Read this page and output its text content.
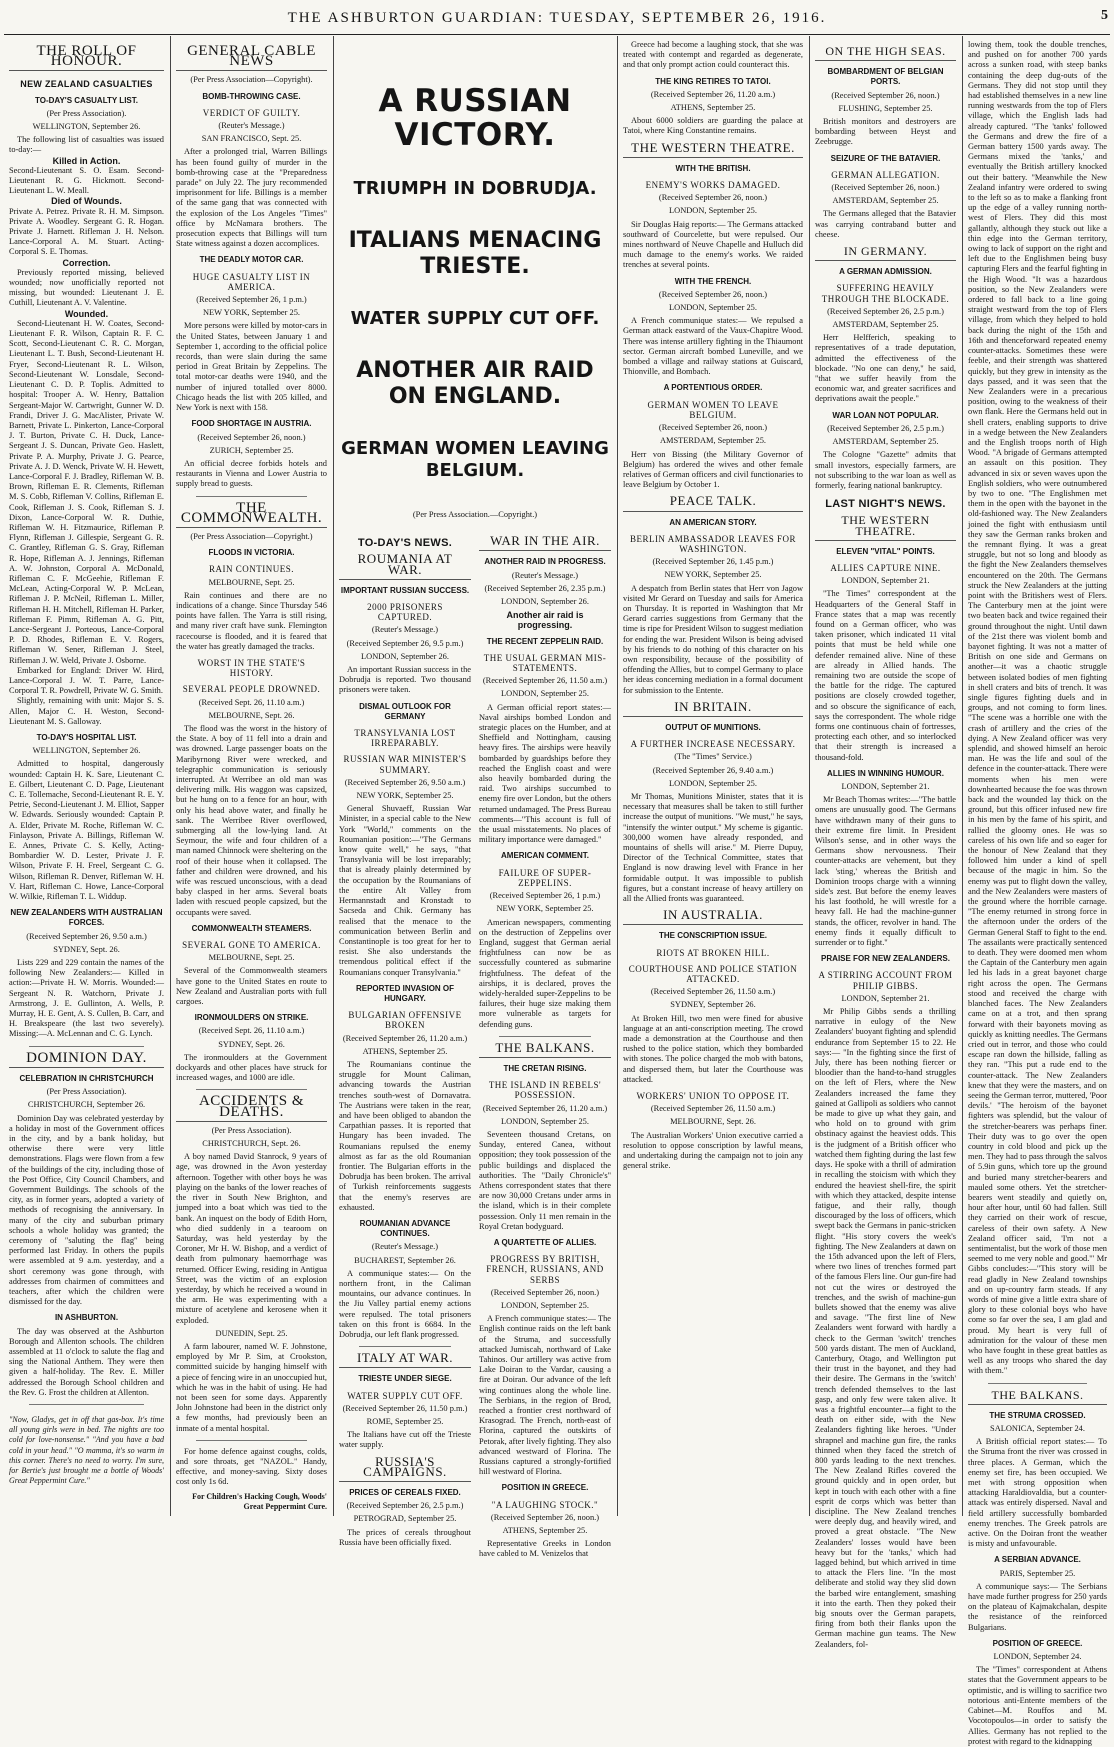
THE ASHBURTON GUARDIAN: TUESDAY, SEPTEMBER 26, 1916.	5
THE ROLL OF HONOUR.
NEW ZEALAND CASUALTIES
TO-DAY'S CASUALTY LIST.
(Per Press Association).
WELLINGTON, September 26.

The following list of casualties was issued to-day:—

Killed in Action.

Second-Lieutenant S. O. Esam. Second-Lieutenant R. G. Hickmott. Second-Lieutenant L. W. Meall.

Died of Wounds.

Private A. Petrez. Private R. H. M. Simpson. Private A. Woodley. Sergeant G. R. Hogan. Private J. Harnett. Rifleman J. H. Nelson. Lance-Corporal A. M. Stuart. Acting-Corporal S. E. Thomas.

Correction.

Previously reported missing, believed wounded; now unofficially reported not missing, but wounded: Lieutenant J. E. Cuthill, Lieutenant A. V. Valentine.

Wounded.

Second-Lieutenant H. W. Coates, Second-Lieutenant F. R. Wilson, Captain R. F. C. Scott, Second-Lieutenant C. R. C. Morgan, Lieutenant L. T. Bush, Second-Lieutenant H. Fryer, Second-Lieutenant R. L. Wilson, Second-Lieutenant W. Lonsdale, Second-Lieutenant C. D. P. Toplis. Admitted to hospital: Trooper A. W. Henry, Battalion Sergeant-Major W. Cartwright, Gunner W. D. Frandi, Driver J. G. MacAlister, Private W. Barnett, Private L. Pinkerton, Lance-Corporal J. T. Burton, Private C. H. Duck, Lance-Sergeant J. S. Duncan, Private Geo. Haslett, Private P. A. Murphy, Private J. G. Pearce, Private A. J. D. Wenck, Private W. H. Hewett, Lance-Corporal F. J. Bradley, Rifleman W. B. Brown, Rifleman E. R. Clements, Rifleman M. S. Cobb, Rifleman V. Collins, Rifleman E. Cook, Rifleman J. S. Cook, Rifleman S. J. Dixon, Lance-Corporal W. R. Duthie, Rifleman W. H. Fitzmaurice, Rifleman P. Flynn, Rifleman J. Gillespie, Sergeant G. R. C. Grantley, Rifleman G. S. Gray, Rifleman R. Hope, Rifleman A. J. Jennings, Rifleman A. W. Johnston, Corporal A. McDonald, Rifleman C. F. McGeehie, Rifleman F. McLean, Acting-Corporal W. P. McLean, Rifleman J. P. McNeil, Rifleman L. Miller, Rifleman H. H. Mitchell, Rifleman H. Parker, Rifleman F. Pimm, Rifleman A. G. Pitt, Lance-Sergeant J. Porteous, Lance-Corporal P. D. Rhodes, Rifleman E. V. Rogers, Rifleman W. Sener, Rifleman J. Steel, Rifleman J. W. Weld, Private J. Osborne.

Embarked for England: Driver W. Hird, Lance-Corporal J. W. T. Parre, Lance-Corporal T. R. Powdrell, Private W. G. Smith.

Slightly, remaining with unit: Major S. S. Allen, Major C. H. Weston, Second-Lieutenant M. S. Galloway.

TO-DAY'S HOSPITAL LIST.
WELLINGTON, September 26.

Admitted to hospital, dangerously wounded: Captain H. K. Sare, Lieutenant C. E. Gilbert, Lieutenant C. D. Page, Lieutenant C. E. Tollemache, Second-Lieutenant R. E. Y. Petrie, Second-Lieutenant J. M. Elliot, Sapper W. Edwards. Seriously wounded: Captain P. A. Elder, Private M. Roche, Rifleman W. C. Finlayson, Private A. Billings, Rifleman W. E. Annes, Private C. S. Kelly, Acting-Bombardier W. D. Lester, Private J. F. Wilson, Private F. H. Freel, Sergeant C. G. Wilson, Rifleman R. Denver, Rifleman W. H. V. Hart, Rifleman C. Howe, Lance-Corporal W. Wilkie, Rifleman T. L. Widdup.

NEW ZEALANDERS WITH AUSTRALIAN FORCES.
(Received September 26, 9.50 a.m.)
SYDNEY, Sept. 26.

Lists 229 and 229 contain the names of the following New Zealanders:— Killed in action:—Private H. W. Morris. Wounded:—Sergeant N. R. Watchorn, Private J. Armstrong, J. E. Gullinton, A. Wells, P. Murray, H. E. Gent, A. S. Cullen, B. Carr, and H. Breakspeare (the last two severely). Missing:—A. McLennan and C. G. Lynch.

DOMINION DAY.
CELEBRATION IN CHRISTCHURCH
(Per Press Association).
CHRISTCHURCH, September 26.

Dominion Day was celebrated yesterday by a holiday in most of the Government offices in the city, and by a bank holiday, but otherwise there were very little demonstrations. Flags were flown from a few of the buildings of the city, including those of the Post Office, City Council Chambers, and Government Buildings. The schools of the city, as in former years, adopted a variety of methods of recognising the anniversary. In many of the city and suburban primary schools a whole holiday was granted; the ceremony of "saluting the flag" being performed last Friday. In others the pupils were assembled at 9 a.m. yesterday, and a short ceremony was gone through, with addresses from chairmen of committees and teachers, after which the children were dismissed for the day.

IN ASHBURTON.

The day was observed at the Ashburton Borough and Allenton schools. The children assembled at 11 o'clock to salute the flag and sing the National Anthem. They were then given a half-holiday. The Rev. E. Miller addressed the Borough School children and the Rev. G. Frost the children at Allenton.

"Now, Gladys, get in off that gas-box. It's time all young girls were in bed. The nights are too cold for love-nonsense." "And you have a bad cold in your head." "O mamma, it's so warm in this corner. There's no need to worry. I'm sure, for Bertie's just brought me a bottle of Woods' Great Peppermint Cure."

GENERAL CABLE NEWS
(Per Press Association—Copyright).
BOMB-THROWING CASE.
VERDICT OF GUILTY.
(Reuter's Message.)
SAN FRANCISCO, Sept. 25.

After a prolonged trial, Warren Billings has been found guilty of murder in the bomb-throwing case at the "Preparedness parade" on July 22. The jury recommended imprisonment for life. Billings is a member of the same gang that was connected with the explosion of the Los Angeles "Times" office by McNamara brothers. The prosecution expects that Billings will turn State witness against a dozen accomplices.

THE DEADLY MOTOR CAR.
HUGE CASUALTY LIST IN AMERICA.
(Received September 26, 1 p.m.)
NEW YORK, September 25.

More persons were killed by motor-cars in the United States, between January 1 and September 1, according to the official police records, than were slain during the same period in Great Britain by Zeppelins. The total motor-car deaths were 1940, and the number of injured totalled over 8000. Chicago heads the list with 205 killed, and New York is next with 158.

FOOD SHORTAGE IN AUSTRIA.
(Received September 26, noon.)
ZURICH, September 25.

An official decree forbids hotels and restaurants in Vienna and Lower Austria to supply bread to guests.

THE COMMONWEALTH.
(Per Press Association—Copyright.)
FLOODS IN VICTORIA.
RAIN CONTINUES.
MELBOURNE, Sept. 25.

Rain continues and there are no indications of a change. Since Thursday 546 points have fallen. The Yarra is still rising, and many river craft have sunk. Flemington racecourse is flooded, and it is feared that the water has greatly damaged the tracks.

WORST IN THE STATE'S HISTORY.
SEVERAL PEOPLE DROWNED.
(Received Sept. 26, 11.10 a.m.)
MELBOURNE, Sept. 26.

The flood was the worst in the history of the State. A boy of 11 fell into a drain and was drowned. Large passenger boats on the Maribyrnong River were wrecked, and telegraphic communication is seriously interrupted. At Werribee an old man was delivering milk. His waggon was capsized, but he hung on to a fence for an hour, with only his head above water, and finally he sank. The Werribee River overflowed, submerging all the low-lying land. At Seymour, the wife and four children of a man named Chinnock were sheltering on the roof of their house when it collapsed. The father and children were drowned, and his wife was rescued unconscious, with a dead baby clasped in her arms. Several boats laden with rescued people capsized, but the occupants were saved.

COMMONWEALTH STEAMERS.
SEVERAL GONE TO AMERICA.
MELBOURNE, Sept. 25.

Several of the Commonwealth steamers have gone to the United States en route to New Zealand and Australian ports with full cargoes.

IRONMOULDERS ON STRIKE.
(Received Sept. 26, 11.10 a.m.)
SYDNEY, Sept. 26.

The ironmoulders at the Government dockyards and other places have struck for increased wages, and 1000 are idle.

ACCIDENTS & DEATHS.
(Per Press Association).
CHRISTCHURCH, Sept. 26.

A boy named David Stanrock, 9 years of age, was drowned in the Avon yesterday afternoon. Together with other boys he was playing on the banks of the lower reaches of the river in South New Brighton, and jumped into a boat which was tied to the bank. An inquest on the body of Edith Horn, who died suddenly in a tearoom on Saturday, was held yesterday by the Coroner, Mr H. W. Bishop, and a verdict of death from pulmonary haemorrhage was returned. Officer Ewing, residing in Antigua Street, was the victim of an explosion yesterday, by which he received a wound in the arm. He was experimenting with a mixture of acetylene and kerosene when it exploded.

DUNEDIN, Sept. 25.

A farm labourer, named W. F. Johnstone, employed by Mr P. Sim, at Crookston, committed suicide by hanging himself with a piece of fencing wire in an unoccupied hut, which he was in the habit of using. He had not been seen for some days. Apparently John Johnstone had been in the district only a few months, had previously been an inmate of a mental hospital.

For home defence against coughs, colds, and sore throats, get "NAZOL." Handy, effective, and money-saving. Sixty doses cost only 1s 6d.

For Children's Hacking Cough, Woods' Great Peppermint Cure.

A RUSSIAN VICTORY.
TRIUMPH IN DOBRUDJA.
ITALIANS MENACING TRIESTE.
WATER SUPPLY CUT OFF.
ANOTHER AIR RAID ON ENGLAND.
GERMAN WOMEN LEAVING BELGIUM.
(Per Press Association.—Copyright.)
TO-DAY'S NEWS.
ROUMANIA AT WAR.
IMPORTANT RUSSIAN SUCCESS.
2000 PRISONERS CAPTURED.
(Reuter's Message.)
(Received September 26, 9.5 p.m.)
LONDON, September 26.

An important Russian success in the Dobrudja is reported. Two thousand prisoners were taken.

DISMAL OUTLOOK FOR GERMANY
TRANSYLVANIA LOST IRREPARABLY.
RUSSIAN WAR MINISTER'S SUMMARY.
(Received September 26, 9.50 a.m.)
NEW YORK, September 25.

General Shuvaeff, Russian War Minister, in a special cable to the New York "World," comments on the Roumanian position:—"The Germans know quite well," he says, "that Transylvania will be lost irreparably; that is already plainly determined by the occupation by the Roumanians of the entire Alt Valley from Hermannstadt and Kronstadt to Sacseda and Chik. Germany has realised that the menace to the communication between Berlin and Constantinople is too great for her to resist. She also understands the tremendous political effect if the Roumanians conquer Transylvania."

REPORTED INVASION OF HUNGARY.
BULGARIAN OFFENSIVE BROKEN
(Received September 26, 11.20 a.m.)
ATHENS, September 25.

The Roumanians continue the struggle for Mount Caliman, advancing towards the Austrian trenches south-west of Dornavatra. The Austrians were taken in the rear, and have been obliged to abandon the Carpathian passes. It is reported that Hungary has been invaded. The Roumanians repulsed the enemy almost as far as the old Roumanian frontier. The Bulgarian efforts in the Dobrudja has been broken. The arrival of Turkish reinforcements suggests that the enemy's reserves are exhausted.

ROUMANIAN ADVANCE CONTINUES.
(Reuter's Message.)
BUCHAREST, September 26.

A communique states:— On the northern front, in the Caliman mountains, our advance continues. In the Jiu Valley partial enemy actions were repulsed. The total prisoners taken on this front is 6684. In the Dobrudja, our left flank progressed.

ITALY AT WAR.
TRIESTE UNDER SIEGE.
WATER SUPPLY CUT OFF.
(Received September 26, 11.50 p.m.)
ROME, September 25.

The Italians have cut off the Trieste water supply.

RUSSIA'S CAMPAIGNS.
PRICES OF CEREALS FIXED.
(Received September 26, 2.5 p.m.)
PETROGRAD, September 25.

The prices of cereals throughout Russia have been officially fixed.

WAR IN THE AIR.
ANOTHER RAID IN PROGRESS.
(Reuter's Message.)
(Received September 26, 2.35 p.m.)
LONDON, September 26.

Another air raid is progressing.

THE RECENT ZEPPELIN RAID.
THE USUAL GERMAN MIS-STATEMENTS.
(Received September 26, 11.50 a.m.)
LONDON, September 25.

A German official report states:— Naval airships bombed London and strategic places on the Humber, and at Sheffield and Nottingham, causing heavy fires. The airships were heavily bombarded by guardships before they reached the English coast and were also heavily bombarded during the raid. Two airships succumbed to enemy fire over London, but the others returned undamaged. The Press Bureau comments—"This account is full of the usual misstatements. No places of military importance were damaged."

AMERICAN COMMENT.
FAILURE OF SUPER-ZEPPELINS.
(Received September 26, 1 p.m.)
NEW YORK, September 25.

American newspapers, commenting on the destruction of Zeppelins over England, suggest that German aerial frightfulness can now be as successfully countered as submarine frightfulness. The defeat of the airships, it is declared, proves the widely-heralded super-Zeppelins to be failures, their huge size making them more vulnerable as targets for defending guns.

THE BALKANS.
THE CRETAN RISING.
THE ISLAND IN REBELS' POSSESSION.
(Received September 26, 11.20 a.m.)
LONDON, September 25.

Seventeen thousand Cretans, on Sunday, entered Canea, without opposition; they took possession of the public buildings and displaced the authorities. The "Daily Chronicle's" Athens correspondent states that there are now 30,000 Cretans under arms in the island, which is in their complete possession. Only 11 men remain in the Royal Cretan bodyguard.

A QUARTETTE OF ALLIES.
PROGRESS BY BRITISH, FRENCH, RUSSIANS, AND SERBS
(Received September 26, noon.)
LONDON, September 25.

A French communique states:— The English continue raids on the left bank of the Struma, and successfully attacked Jumiscah, northward of Lake Tahinos. Our artillery was active from Lake Doiran to the Vardar, causing a fire at Doiran. Our advance of the left wing continues along the whole line. The Serbians, in the region of Brod, reached a frontier crest northward of Krasograd. The French, north-east of Florina, captured the outskirts of Petorak, after lively fighting. They also advanced westward of Florina. The Russians captured a strongly-fortified hill westward of Florina.

POSITION IN GREECE.
"A LAUGHING STOCK."
(Received September 26, noon.)
ATHENS, September 25.

Representative Greeks in London have cabled to M. Venizelos that

Greece had become a laughing stock, that she was treated with contempt and regarded as degenerate, and that only prompt action could counteract this.

THE KING RETIRES TO TATOI.
(Received September 26, 11.20 a.m.)
ATHENS, September 25.

About 6000 soldiers are guarding the palace at Tatoi, where King Constantine remains.

THE WESTERN THEATRE.
WITH THE BRITISH.
ENEMY'S WORKS DAMAGED.
(Received September 26, noon.)
LONDON, September 25.

Sir Douglas Haig reports:— The Germans attacked southward of Courcelette, but were repulsed. Our mines northward of Neuve Chapelle and Hulluch did much damage to the enemy's works. We raided trenches at several points.

WITH THE FRENCH.
(Received September 26, noon.)
LONDON, September 25.

A French communique states:— We repulsed a German attack eastward of the Vaux-Chapitre Wood. There was intense artillery fighting in the Thiaumont sector. German aircraft bombed Luneville, and we bombed a village and railway stations at Guiscard, Thionville, and Bombach.

A PORTENTIOUS ORDER.
GERMAN WOMEN TO LEAVE BELGIUM.
(Received September 26, noon.)
AMSTERDAM, September 25.

Herr von Bissing (the Military Governor of Belgium) has ordered the wives and other female relatives of German officers and civil functionaries to leave Belgium by October 1.

PEACE TALK.
AN AMERICAN STORY.
BERLIN AMBASSADOR LEAVES FOR WASHINGTON.
(Received September 26, 1.45 p.m.)
NEW YORK, September 25.

A despatch from Berlin states that Herr von Jagow visited Mr Gerard on Tuesday and sails for America on Thursday. It is reported in Washington that Mr Gerard carries suggestions from Germany that the time is ripe for President Wilson to suggest mediation for ending the war. President Wilson is being advised by his friends to do nothing of this character on his own responsibility, because of the possibility of offending the Allies, but to compel Germany to place her ideas concerning mediation in a formal document for submission to the Entente.

IN BRITAIN.
OUTPUT OF MUNITIONS.
A FURTHER INCREASE NECESSARY.
(The "Times" Service.)
(Received September 26, 9.40 a.m.)
LONDON, September 25.

Mr Thomas, Munitions Minister, states that it is necessary that measures shall be taken to still further increase the output of munitions. "We must," he says, "intensify the winter output." My scheme is gigantic. 300,000 women have already responded, and mountains of shells will arise." M. Pierre Dupuy, Director of the Technical Committee, states that England is now drawing level with France in her formidable output. It was impossible to publish figures, but a constant increase of heavy artillery on all the Allied fronts was guaranteed.

IN AUSTRALIA.
THE CONSCRIPTION ISSUE.
RIOTS AT BROKEN HILL.
COURTHOUSE AND POLICE STATION ATTACKED.
(Received September 26, 11.50 a.m.)
SYDNEY, September 26.

At Broken Hill, two men were fined for abusive language at an anti-conscription meeting. The crowd made a demonstration at the Courthouse and then rushed to the police station, which they bombarded with stones. The police charged the mob with batons, and dispersed them, but later the Courthouse was attacked.

WORKERS' UNION TO OPPOSE IT.
(Received September 26, 11.50 a.m.)
MELBOURNE, Sept. 26.

The Australian Workers' Union executive carried a resolution to oppose conscription by lawful means, and undertaking during the campaign not to join any general strike.

ON THE HIGH SEAS.
BOMBARDMENT OF BELGIAN PORTS.
(Received September 26, noon.)
FLUSHING, September 25.

British monitors and destroyers are bombarding between Heyst and Zeebrugge.

SEIZURE OF THE BATAVIER.
GERMAN ALLEGATION.
(Received September 26, noon.)
AMSTERDAM, September 25.

The Germans alleged that the Batavier was carrying contraband butter and cheese.

IN GERMANY.
A GERMAN ADMISSION.
SUFFERING HEAVILY THROUGH THE BLOCKADE.
(Received September 26, 2.5 p.m.)
AMSTERDAM, September 25.

Herr Helfferich, speaking to representatives of a trade deputation, admitted the effectiveness of the blockade. "No one can deny," he said, "that we suffer heavily from the economic war, and greater sacrifices and deprivations await the people."

WAR LOAN NOT POPULAR.
(Received September 26, 2.5 p.m.)
AMSTERDAM, September 25.

The Cologne "Gazette" admits that small investors, especially farmers, are not subscribing to the war loan as well as formerly, fearing national bankruptcy.

LAST NIGHT'S NEWS.
THE WESTERN THEATRE.
ELEVEN "VITAL" POINTS.
ALLIES CAPTURE NINE.
LONDON, September 21.

"The Times" correspondent at the Headquarters of the General Staff in France states that a map was recently found on a German officer, who was taken prisoner, which indicated 11 vital points that must be held while one defender remained alive. Nine of these are already in Allied hands. The remaining two are outside the scope of the battle for the ridge. The captured positions are closely crowded together, and so obscure the significance of each, says the correspondent. The whole ridge forms one continuous chain of fortresses, protecting each other, and so interlocked that their strength is increased a thousand-fold.

ALLIES IN WINNING HUMOUR.
LONDON, September 21.

Mr Beach Thomas writes:—"The battle omens are unusually good. The Germans have withdrawn many of their guns to their extreme fire limit. In President Wilson's sense, and in other ways the Germans show nervousness. Their counter-attacks are vehement, but they lack 'sting,' whereas the British and Dominion troops charge with a winning side's zest. But before the enemy leaves his last foothold, he will wrestle for a heavy fall. He had the machine-gunner stands, the officer, revolver in hand. The enemy finds it equally difficult to surrender or to fight."

PRAISE FOR NEW ZEALANDERS.
A STIRRING ACCOUNT FROM PHILIP GIBBS.
LONDON, September 21.

Mr Philip Gibbs sends a thrilling narrative in eulogy of the New Zealanders' buoyant fighting and splendid endurance from September 15 to 22. He says:— "In the fighting since the first of July, there has been nothing fiercer or bloodier than the hand-to-hand struggles on the left of Flers, where the New Zealanders increased the fame they gained at Gallipoli as soldiers who cannot be made to give up what they gain, and who hold on to ground with grim obstinacy against the heaviest odds. This is the judgment of a British officer who watched them fighting during the last few days. He spoke with a thrill of admiration in recalling the stoicism with which they endured the heaviest shell-fire, the spirit with which they attacked, despite intense fatigue, and their rally, though discouraged by the loss of officers, which swept back the Germans in panic-stricken flight. "His story covers the week's fighting. The New Zealanders at dawn on the 15th advanced upon the left of Flers, where two lines of trenches formed part of the famous Flers line. Our gun-fire had not cut the wires or destroyed the trenches, and the swish of machine-gun bullets showed that the enemy was alive and savage. "The first line of New Zealanders went forward with hardly a check to the German 'switch' trenches 500 yards distant. The men of Auckland, Canterbury, Otago, and Wellington put their trust in the bayonet, and they had their desire. The Germans in the 'switch' trench defended themselves to the last gasp, and only few were taken alive. It was a frightful encounter—a fight to the death on either side, with the New Zealanders fighting like heroes. "Under shrapnel and machine gun fire, the ranks thinned when they faced the stretch of 800 yards leading to the next trenches. The New Zealand Rifles covered the ground quickly and in open order, but kept in touch with each other with a fine esprit de corps which was better than discipline. The New Zealand trenches were deeply dug, and heavily wired, and proved a great obstacle. "The New Zealanders' losses would have been heavy but for the 'tanks,' which had lagged behind, but which arrived in time to attack the Flers line. "In the most deliberate and stolid way they slid down the barbed wire entanglement, smashing it into the earth. Then they poked their big snouts over the German parapets, firing from both their flanks upon the German machine gun teams. The New Zealanders, fol-

lowing them, took the double trenches, and pushed on for another 700 yards across a sunken road, with steep banks containing the deep dug-outs of the Germans. They did not stop until they had established themselves in a new line running westwards from the top of Flers village, which the English lads had already captured. "The 'tanks' followed the Germans and drew the fire of a German battery 1500 yards away. The Germans mixed the 'tanks,' and eventually the British artillery knocked out their battery. "Meanwhile the New Zealand infantry were ordered to swing to the left so as to make a flanking front up the edge of a valley running north-west of Flers. They did this most gallantly, although they stuck out like a thin edge into the German territory, owing to lack of support on the right and left due to the Englishmen being busy capturing Flers and the fearful fighting in the High Wood. "It was a hazardous position, so the New Zealanders were ordered to fall back to a line going straight westward from the top of Flers village, from which they helped to hold back during the night of the 15th and 16th and thenceforward repeated enemy counter-attacks. Sometimes these were feeble, and their strength was shattered quickly, but they grew in intensity as the days passed, and it was seen that the New Zealanders were in a precarious position, owing to the weakness of their own flank. Here the Germans held out in shell craters, enabling supports to drive in a wedge between the New Zealanders and the English troops north of High Wood. "A brigade of Germans attempted an assault on this position. They advanced in six or seven waves upon the English soldiers, who were outnumbered by two to one. "The Englishmen met them in the open with the bayonet in the old-fashioned way. The New Zealanders joined the fight with enthusiasm until they saw the German ranks broken and the remnant flying. It was a great struggle, but not so long and bloody as the fight the New Zealanders themselves encountered on the 20th. The Germans struck the New Zealanders at the jutting point with the Britishers west of Flers. The Canterbury men at the joint were two beaten back and twice regained their ground throughout the night. Until dawn of the 21st there was violent bomb and bayonet fighting. It was not a matter of British on one side and Germans on another—it was a chaotic struggle between isolated bodies of men fighting in shell craters and bits of trench. It was single figures fighting duels and in groups, and not coming to form lines. "The scene was a horrible one with the crash of artillery and the cries of the dying. A New Zealand officer was very splendid, and showed himself an heroic man. He was the life and soul of the defence in the counter-attack. There were moments when his men were downhearted because the foe was thrown back and the wounded lay thick on the ground, but this officer infused new fire in his men by the fame of his spirit, and rallied the gloomy ones. He was so careless of his own life and so eager for the honour of New Zealand that they followed him under a kind of spell because of the magic in him. So the enemy was put to flight down the valley, and the New Zealanders were masters of the ground where the horrible carnage. "The enemy returned in strong force in the afternoon under the orders of the German General Staff to fight to the end. The assailants were practically sentenced to death. They were doomed men whom the Captain of the Canterbury men again led his lads in a great bayonet charge right across the open. The Germans stood and received the charge with blanched faces. The New Zealanders came on at a trot, and then sprang forward with their bayonets moving as quickly as knitting needles. The Germans cried out in terror, and those who could escape ran down the hillside, falling as they ran. "This put a rude end to the counter-attack. The New Zealanders knew that they were the masters, and on seeing the German terror, muttered, 'Poor devils.' "The heroism of the bayonet fighters was splendid, but the valour of the stretcher-bearers was perhaps finer. Their duty was to go over the open country in cold blood and pick up the men. They had to pass through the salvos of 5.9in guns, which tore up the ground and buried many stretcher-bearers and mauled some others. Yet the stretcher-bearers went steadily and quietly on, hour after hour, until 60 had fallen. Still they carried on their work of rescue, careless of their own safety. A New Zealand officer said, 'I'm not a sentimentalist, but the work of those men seemed to me very noble and good.'" Mr Gibbs concludes:—"This story will be read gladly in New Zealand townships and on up-country farm steads. If any words of mine give a little extra share of glory to these colonial boys who have come so far over the sea, I am glad and proud. My heart is very full of admiration for the valour of these men who have fought in these great battles as well as any troops who shared the day with them."

THE BALKANS.
THE STRUMA CROSSED.
SALONICA, September 24.

A British official report states:— To the Struma front the river was crossed in three places. A German, which the enemy set fire, has been occupied. We met with strong opposition when attacking Haraldiovaldia, but a counter-attack was entirely dispersed. Naval and field artillery successfully bombarded enemy trenches. The Greek patrols are active. On the Doiran front the weather is misty and unfavourable.

A SERBIAN ADVANCE.
PARIS, September 25.

A communique says:— The Serbians have made further progress for 250 yards on the plateau of Kajmakchalan, despite the resistance of the reinforced Bulgarians.

POSITION OF GREECE.
LONDON, September 24.

The "Times" correspondent at Athens states that the Government appears to be optimistic, and is willing to sacrifice two notorious anti-Entente members of the Cabinet—M. Rouffos and M. Vocotopoulos—in order to satisfy the Allies. Germany has not replied to the protest with regard to the kidnapping
